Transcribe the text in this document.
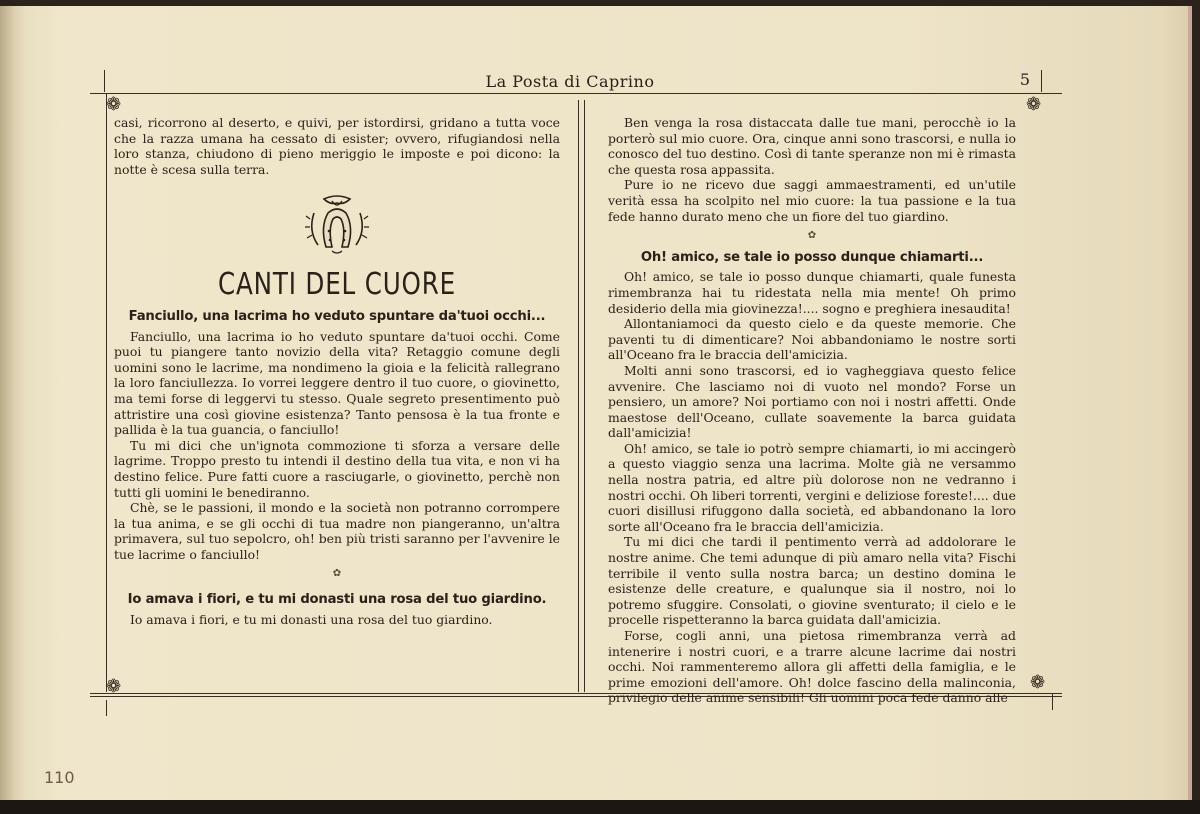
La Posta di Caprino	5
❁	❁
❁	❁

casi, ricorrono al deserto, e quivi, per istordirsi, gridano a tutta voce che la razza umana ha cessato di esister; ovvero, rifugiandosi nella loro stanza, chiudono di pieno meriggio le imposte e poi dicono: la notte è scesa sulla terra.

CANTI DEL CUORE
Fanciullo, una lacrima ho veduto spuntare da'tuoi occhi...

Fanciullo, una lacrima io ho veduto spuntare da'tuoi occhi. Come puoi tu piangere tanto novizio della vita? Retaggio comune degli uomini sono le lacrime, ma nondimeno la gioia e la felicità rallegrano la loro fanciullezza. Io vorrei leggere dentro il tuo cuore, o giovinetto, ma temi forse di leggervi tu stesso. Quale segreto presentimento può attristire una così giovine esistenza? Tanto pensosa è la tua fronte e pallida è la tua guancia, o fanciullo!

Tu mi dici che un'ignota commozione ti sforza a versare delle lagrime. Troppo presto tu intendi il destino della tua vita, e non vi ha destino felice. Pure fatti cuore a rasciugarle, o giovinetto, perchè non tutti gli uomini le benediranno.

Chè, se le passioni, il mondo e la società non potranno corrompere la tua anima, e se gli occhi di tua madre non piangeranno, un'altra primavera, sul tuo sepolcro, oh! ben più tristi saranno per l'avvenire le tue lacrime o fanciullo!

✿
Io amava i fiori, e tu mi donasti una rosa del tuo giardino.

Io amava i fiori, e tu mi donasti una rosa del tuo giardino.

Ben venga la rosa distaccata dalle tue mani, perocchè io la porterò sul mio cuore. Ora, cinque anni sono trascorsi, e nulla io conosco del tuo destino. Così di tante speranze non mi è rimasta che questa rosa appassita.

Pure io ne ricevo due saggi ammaestramenti, ed un'utile verità essa ha scolpito nel mio cuore: la tua passione e la tua fede hanno durato meno che un fiore del tuo giardino.

✿
Oh! amico, se tale io posso dunque chiamarti...

Oh! amico, se tale io posso dunque chiamarti, quale funesta rimembranza hai tu ridestata nella mia mente! Oh primo desiderio della mia giovinezza!.... sogno e preghiera inesaudita!

Allontaniamoci da questo cielo e da queste memorie. Che paventi tu di dimenticare? Noi abbandoniamo le nostre sorti all'Oceano fra le braccia dell'amicizia.

Molti anni sono trascorsi, ed io vagheggiava questo felice avvenire. Che lasciamo noi di vuoto nel mondo? Forse un pensiero, un amore? Noi portiamo con noi i nostri affetti. Onde maestose dell'Oceano, cullate soavemente la barca guidata dall'amicizia!

Oh! amico, se tale io potrò sempre chiamarti, io mi accingerò a questo viaggio senza una lacrima. Molte già ne versammo nella nostra patria, ed altre più dolorose non ne vedranno i nostri occhi. Oh liberi torrenti, vergini e deliziose foreste!.... due cuori disillusi rifuggono dalla società, ed abbandonano la loro sorte all'Oceano fra le braccia dell'amicizia.

Tu mi dici che tardi il pentimento verrà ad addolorare le nostre anime. Che temi adunque di più amaro nella vita? Fischi terribile il vento sulla nostra barca; un destino domina le esistenze delle creature, e qualunque sia il nostro, noi lo potremo sfuggire. Consolati, o giovine sventurato; il cielo e le procelle rispetteranno la barca guidata dall'amicizia.

Forse, cogli anni, una pietosa rimembranza verrà ad intenerire i nostri cuori, e a trarre alcune lacrime dai nostri occhi. Noi rammenteremo allora gli affetti della famiglia, e le prime emozioni dell'amore. Oh! dolce fascino della malinconia, privilegio delle anime sensibili! Gli uomini poca fede danno alle

110
